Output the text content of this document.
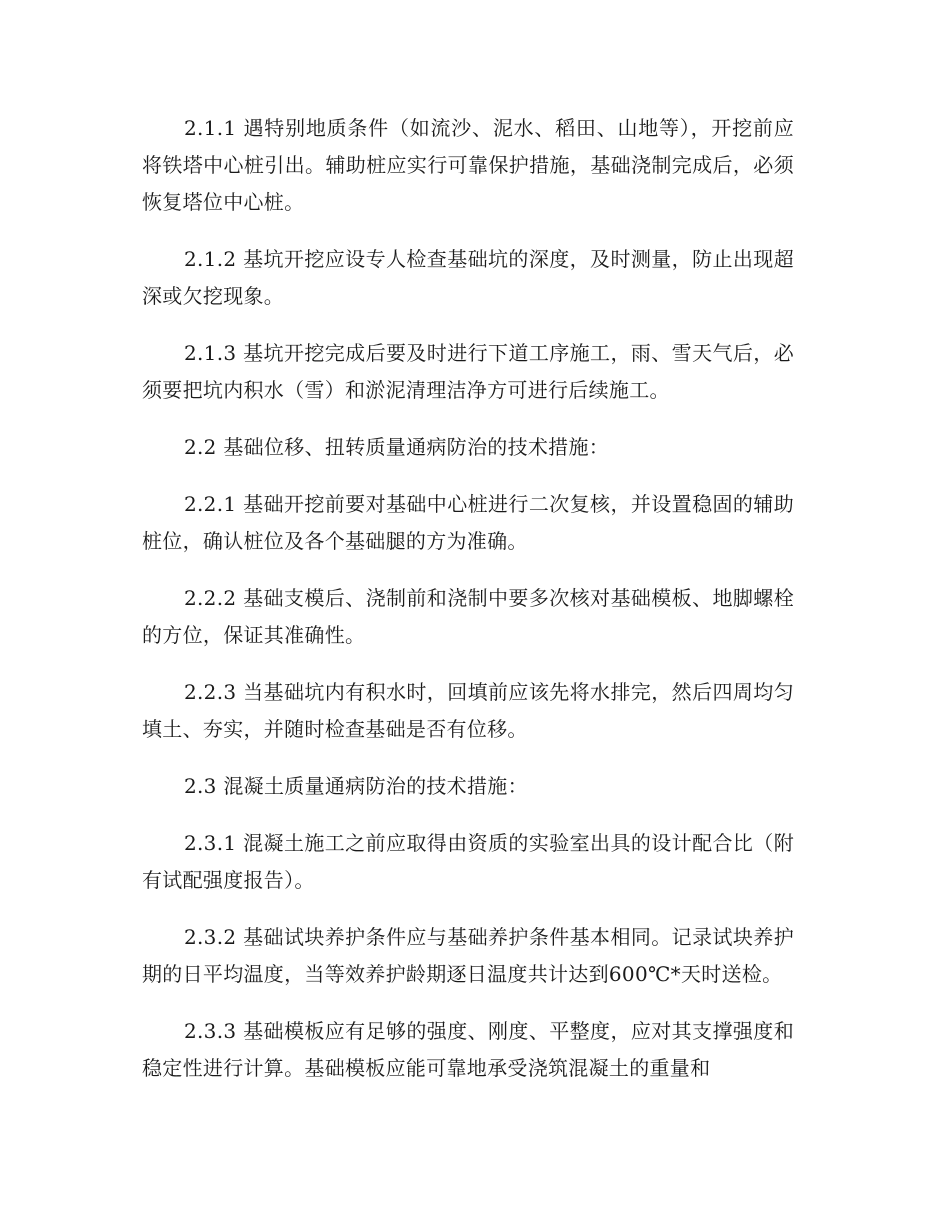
2.1.1 遇特别地质条件（如流沙、泥水、稻田、山地等），开挖前应将铁塔中心桩引出。辅助桩应实行可靠保护措施，基础浇制完成后，必须恢复塔位中心桩。

2.1.2 基坑开挖应设专人检查基础坑的深度，及时测量，防止出现超深或欠挖现象。

2.1.3 基坑开挖完成后要及时进行下道工序施工，雨、雪天气后，必须要把坑内积水（雪）和淤泥清理洁净方可进行后续施工。

2.2 基础位移、扭转质量通病防治的技术措施：

2.2.1 基础开挖前要对基础中心桩进行二次复核，并设置稳固的辅助桩位，确认桩位及各个基础腿的方为准确。

2.2.2 基础支模后、浇制前和浇制中要多次核对基础模板、地脚螺栓的方位，保证其准确性。

2.2.3 当基础坑内有积水时，回填前应该先将水排完，然后四周均匀填土、夯实，并随时检查基础是否有位移。

2.3 混凝土质量通病防治的技术措施：

2.3.1 混凝土施工之前应取得由资质的实验室出具的设计配合比（附有试配强度报告）。

2.3.2 基础试块养护条件应与基础养护条件基本相同。记录试块养护期的日平均温度，当等效养护龄期逐日温度共计达到600℃*天时送检。

2.3.3 基础模板应有足够的强度、刚度、平整度，应对其支撑强度和稳定性进行计算。基础模板应能可靠地承受浇筑混凝土的重量和
